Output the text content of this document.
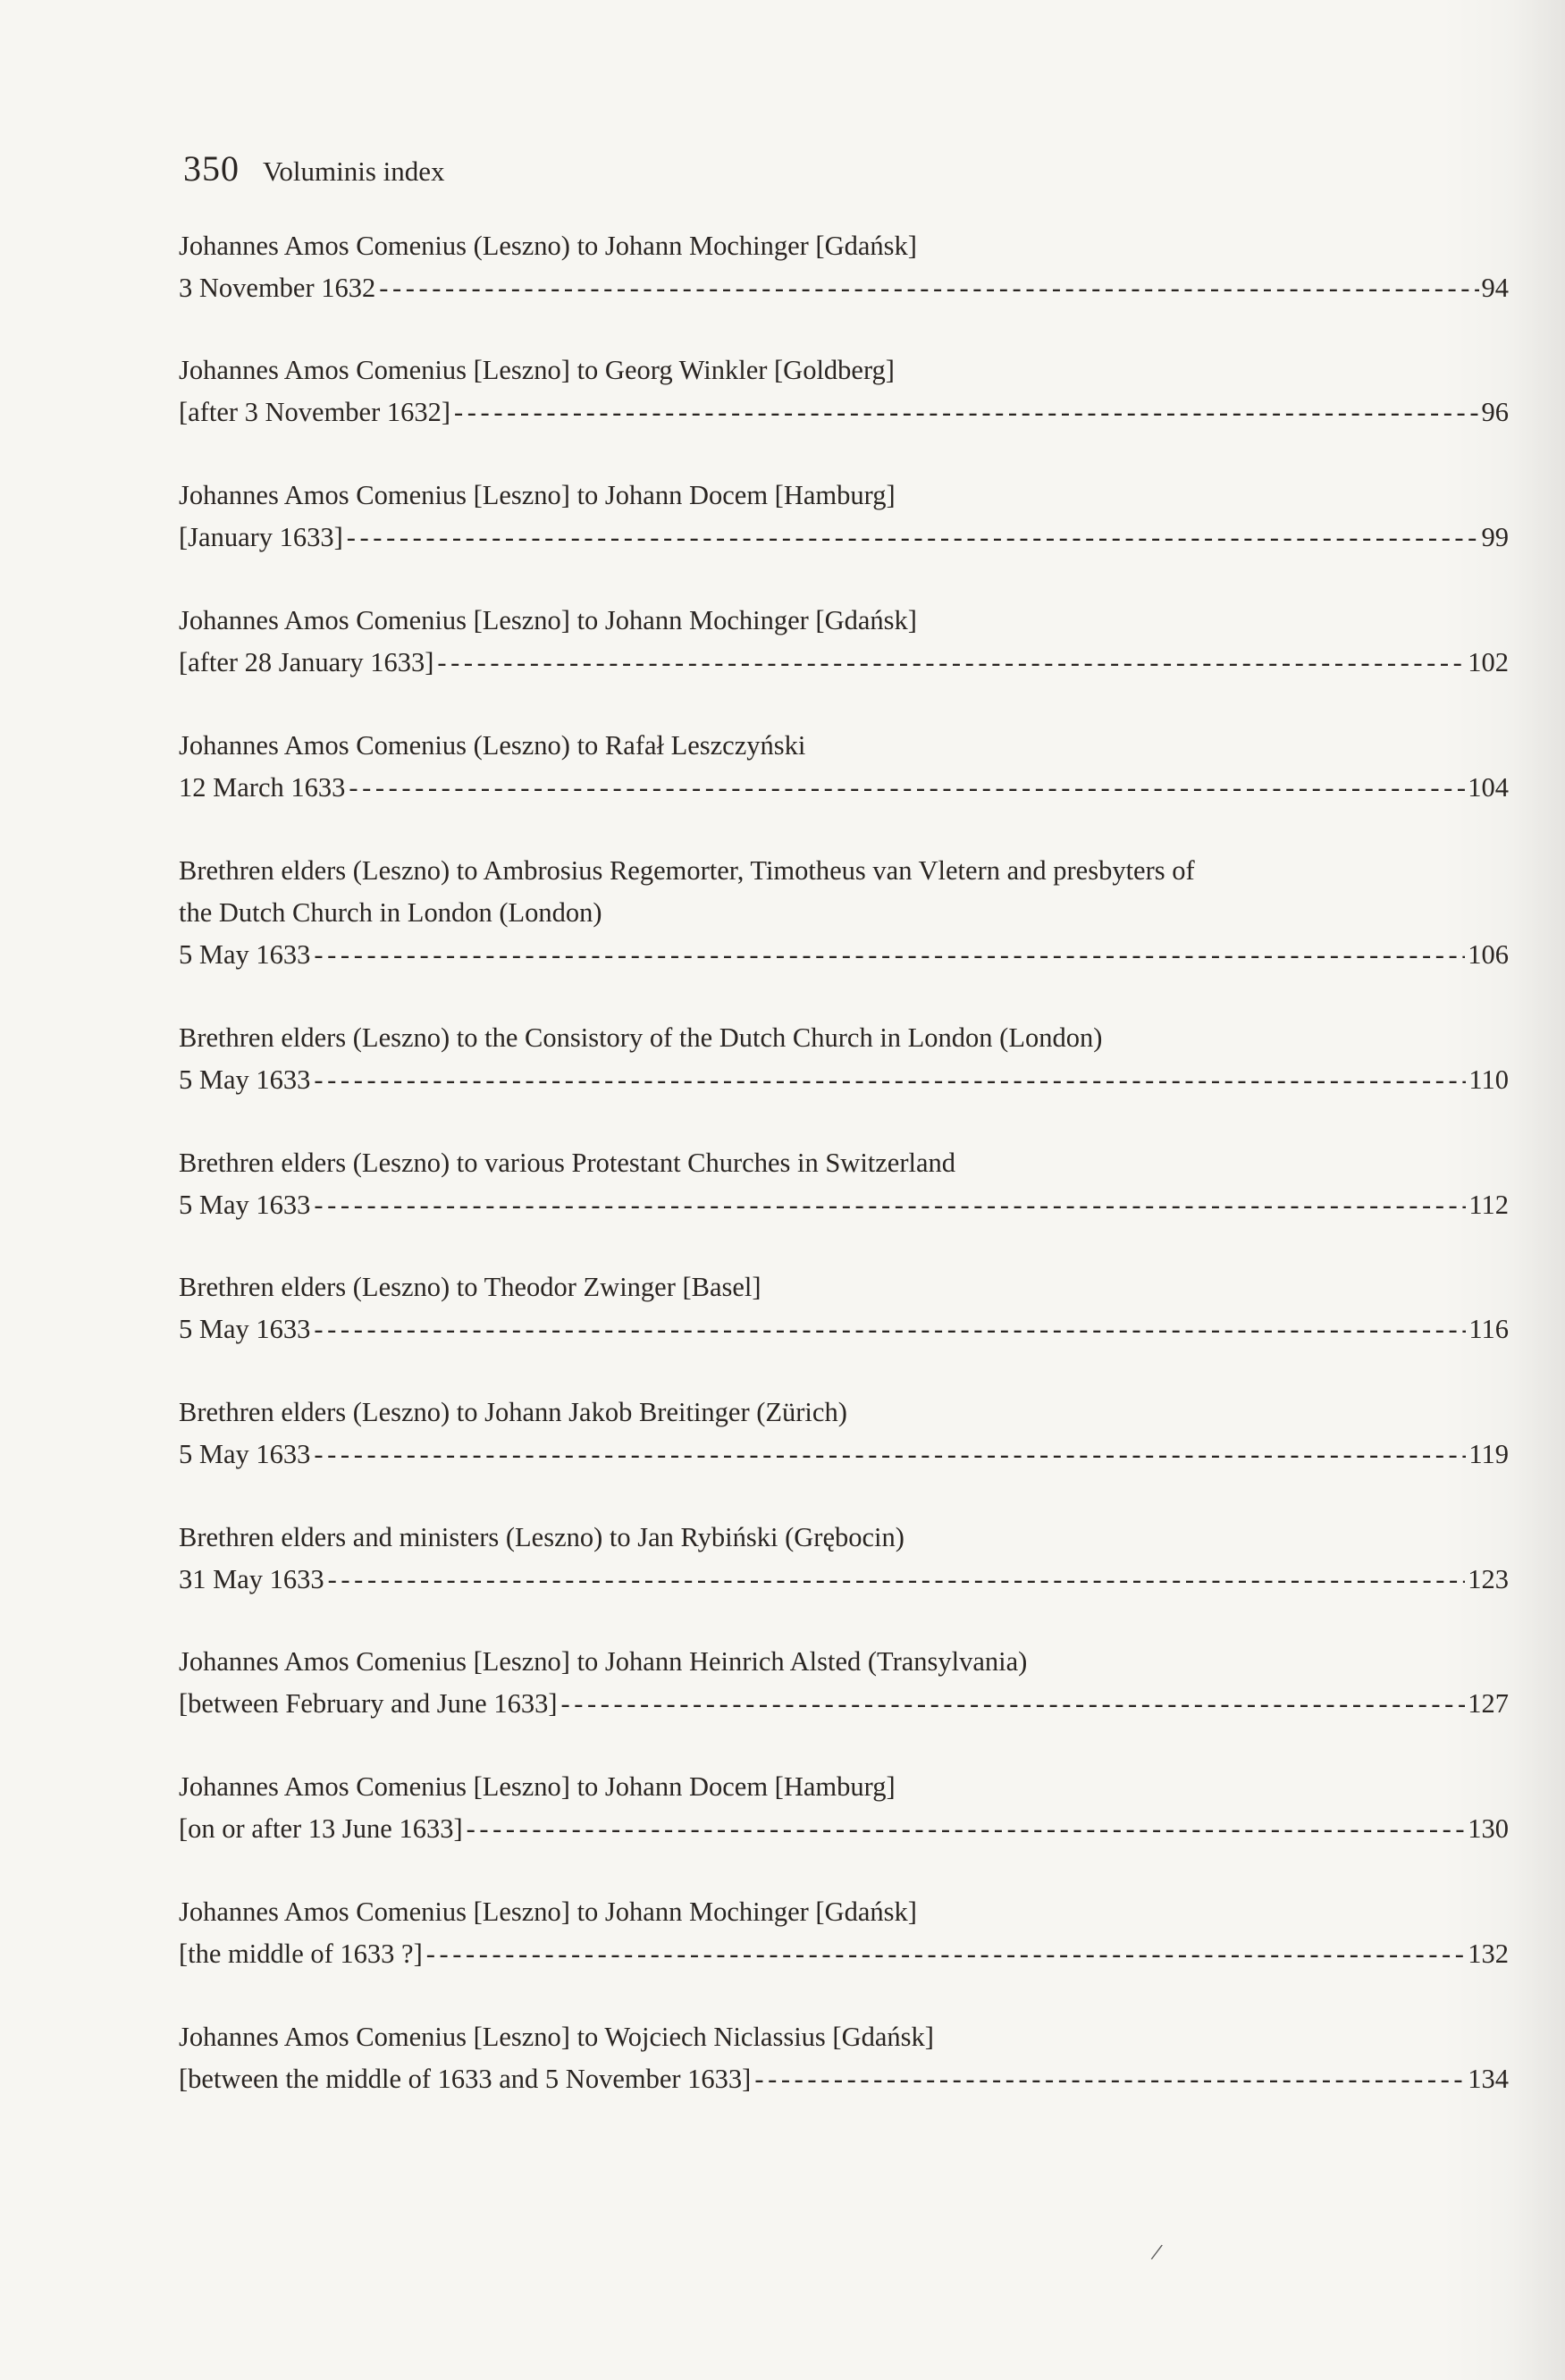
350 Voluminis index
Johannes Amos Comenius (Leszno) to Johann Mochinger [Gdańsk]
3 November 1632 -----	94
Johannes Amos Comenius [Leszno] to Georg Winkler [Goldberg]
[after 3 November 1632] -----	96
Johannes Amos Comenius [Leszno] to Johann Docem [Hamburg]
[January 1633] -----	99
Johannes Amos Comenius [Leszno] to Johann Mochinger [Gdańsk]
[after 28 January 1633] -----	102
Johannes Amos Comenius (Leszno) to Rafał Leszczyński
12 March 1633 -----	104
Brethren elders (Leszno) to Ambrosius Regemorter, Timotheus van Vletern and presbyters of
the Dutch Church in London (London)
5 May 1633 -----	106
Brethren elders (Leszno) to the Consistory of the Dutch Church in London (London)
5 May 1633 -----	110
Brethren elders (Leszno) to various Protestant Churches in Switzerland
5 May 1633 -----	112
Brethren elders (Leszno) to Theodor Zwinger [Basel]
5 May 1633 -----	116
Brethren elders (Leszno) to Johann Jakob Breitinger (Zürich)
5 May 1633 -----	119
Brethren elders and ministers (Leszno) to Jan Rybiński (Grębocin)
31 May 1633 -----	123
Johannes Amos Comenius [Leszno] to Johann Heinrich Alsted (Transylvania)
[between February and June 1633] -----	127
Johannes Amos Comenius [Leszno] to Johann Docem [Hamburg]
[on or after 13 June 1633] -----	130
Johannes Amos Comenius [Leszno] to Johann Mochinger [Gdańsk]
[the middle of 1633 ?] -----	132
Johannes Amos Comenius [Leszno] to Wojciech Niclassius [Gdańsk]
[between the middle of 1633 and 5 November 1633] -----	134
/
